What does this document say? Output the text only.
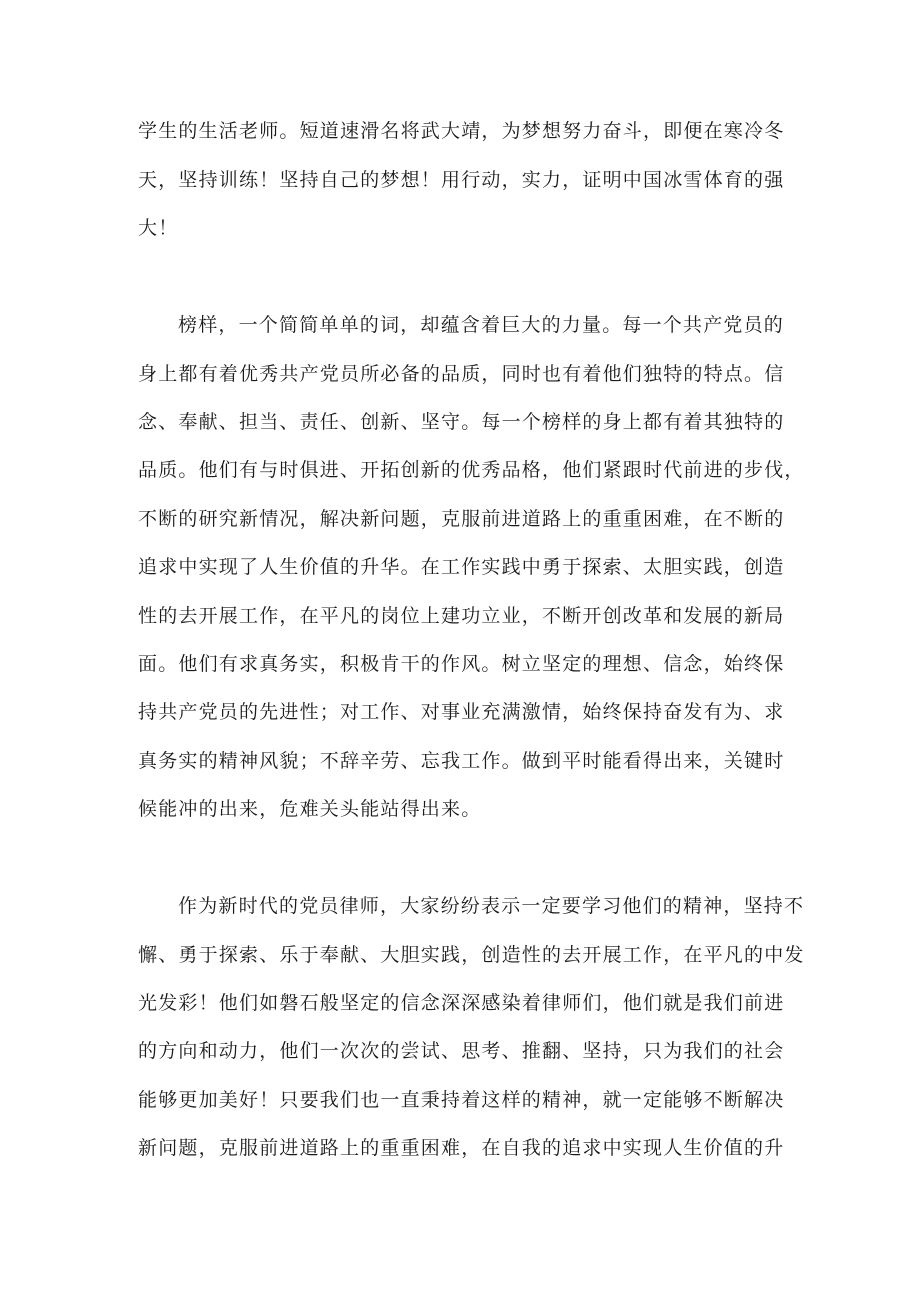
学生的生活老师。短道速滑名将武大靖，为梦想努力奋斗，即便在寒冷冬
天，坚持训练！坚持自己的梦想！用行动，实力，证明中国冰雪体育的强
大！
榜样，一个简简单单的词，却蕴含着巨大的力量。每一个共产党员的
身上都有着优秀共产党员所必备的品质，同时也有着他们独特的特点。信
念、奉献、担当、责任、创新、坚守。每一个榜样的身上都有着其独特的
品质。他们有与时俱进、开拓创新的优秀品格，他们紧跟时代前进的步伐，
不断的研究新情况，解决新问题，克服前进道路上的重重困难，在不断的
追求中实现了人生价值的升华。在工作实践中勇于探索、太胆实践，创造
性的去开展工作，在平凡的岗位上建功立业，不断开创改革和发展的新局
面。他们有求真务实，积极肯干的作风。树立坚定的理想、信念，始终保
持共产党员的先进性；对工作、对事业充满激情，始终保持奋发有为、求
真务实的精神风貌；不辞辛劳、忘我工作。做到平时能看得出来，关键时
候能冲的出来，危难关头能站得出来。
作为新时代的党员律师，大家纷纷表示一定要学习他们的精神，坚持不
懈、勇于探索、乐于奉献、大胆实践，创造性的去开展工作，在平凡的中发
光发彩！他们如磐石般坚定的信念深深感染着律师们，他们就是我们前进
的方向和动力，他们一次次的尝试、思考、推翻、坚持，只为我们的社会
能够更加美好！只要我们也一直秉持着这样的精神，就一定能够不断解决
新问题，克服前进道路上的重重困难，在自我的追求中实现人生价值的升
